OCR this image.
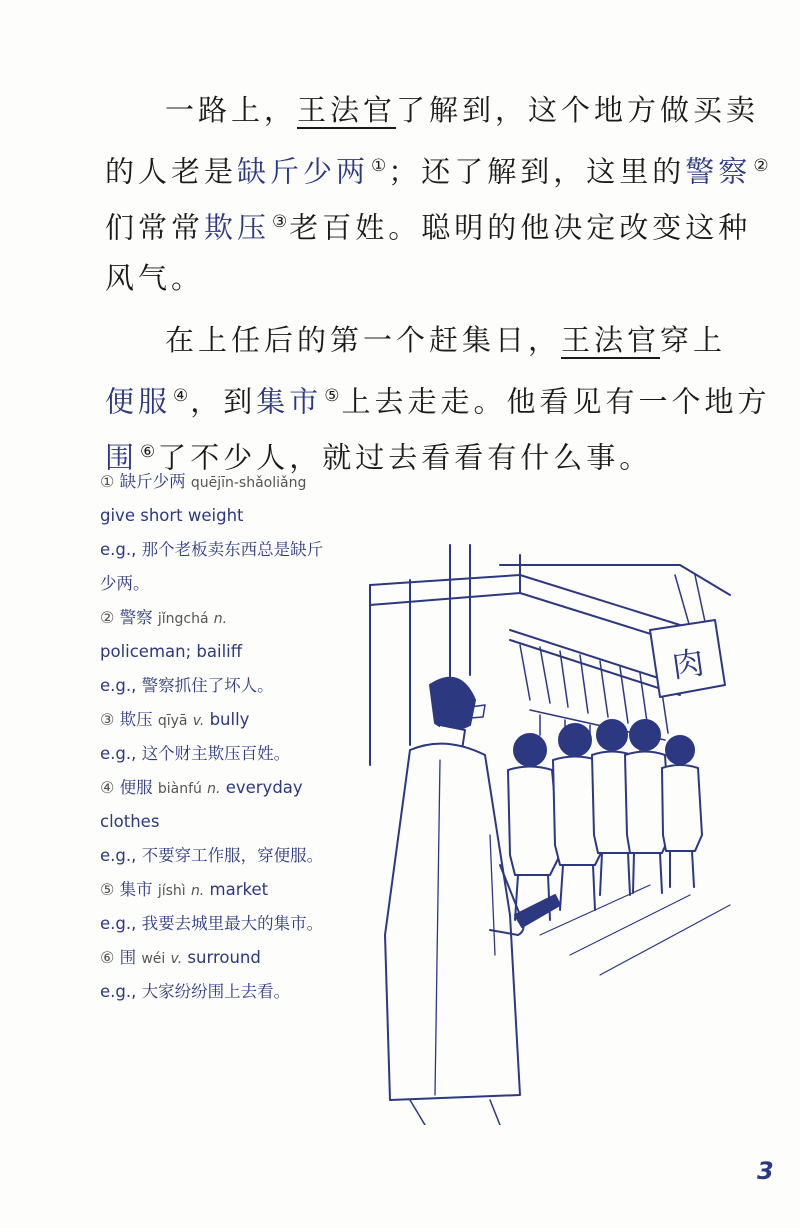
一路上，王法官了解到，这个地方做买卖
的人老是缺斤少两 ①；还了解到，这里的警察 ②
们常常欺压 ③老百姓。聪明的他决定改变这种
风气。
在上任后的第一个赶集日，王法官穿上
便服 ④，到集市 ⑤上去走走。他看见有一个地方
围 ⑥了不少人，就过去看看有什么事。
① 缺斤少两 quējīn-shǎoliǎng
give short weight
e.g., 那个老板卖东西总是缺斤
少两。
② 警察 jǐngchá n.
policeman; bailiff
e.g., 警察抓住了坏人。
③ 欺压 qīyā v. bully
e.g., 这个财主欺压百姓。
④ 便服 biànfú n. everyday
clothes
e.g., 不要穿工作服，穿便服。
⑤ 集市 jíshì n. market
e.g., 我要去城里最大的集市。
⑥ 围 wéi v. surround
e.g., 大家纷纷围上去看。
肉
3
